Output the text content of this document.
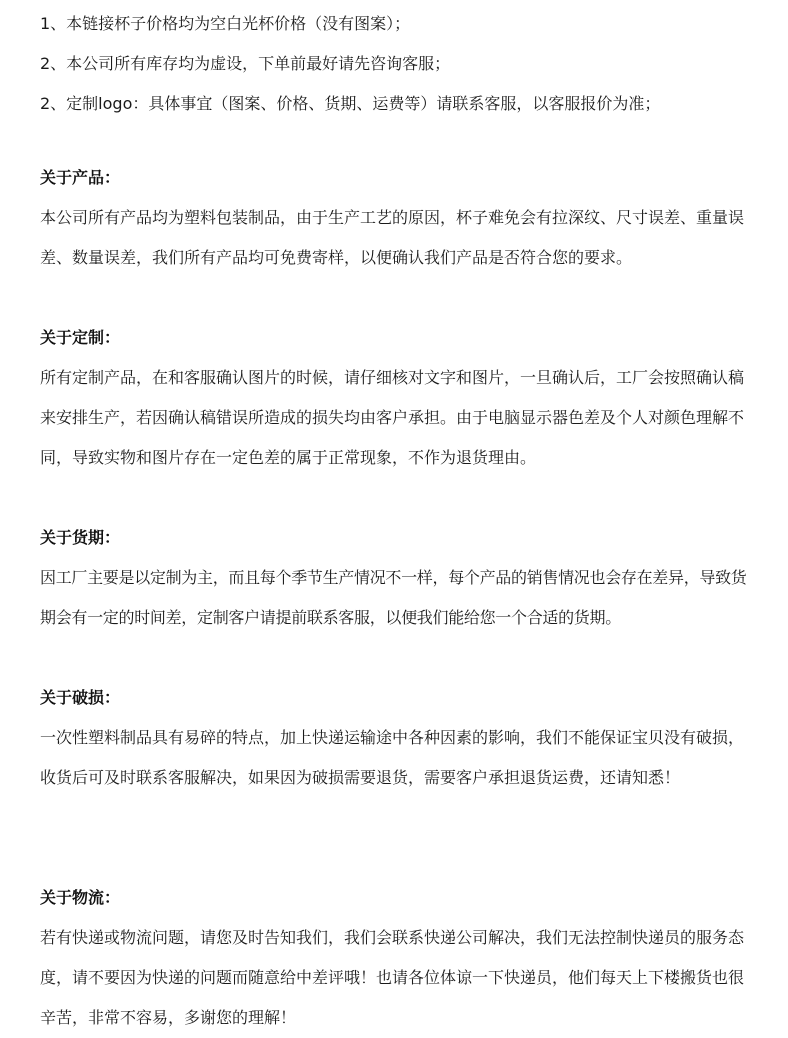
1、本链接杯子价格均为空白光杯价格（没有图案）；
2、本公司所有库存均为虚设，下单前最好请先咨询客服；
2、定制logo：具体事宜（图案、价格、货期、运费等）请联系客服，以客服报价为准；
关于产品：

本公司所有产品均为塑料包装制品，由于生产工艺的原因，杯子难免会有拉深纹、尺寸误差、重量误差、数量误差，我们所有产品均可免费寄样，以便确认我们产品是否符合您的要求。

关于定制：

所有定制产品，在和客服确认图片的时候，请仔细核对文字和图片，一旦确认后，工厂会按照确认稿来安排生产，若因确认稿错误所造成的损失均由客户承担。由于电脑显示器色差及个人对颜色理解不同，导致实物和图片存在一定色差的属于正常现象，不作为退货理由。

关于货期：

因工厂主要是以定制为主，而且每个季节生产情况不一样，每个产品的销售情况也会存在差异，导致货期会有一定的时间差，定制客户请提前联系客服，以便我们能给您一个合适的货期。

关于破损：

一次性塑料制品具有易碎的特点，加上快递运输途中各种因素的影响，我们不能保证宝贝没有破损，收货后可及时联系客服解决，如果因为破损需要退货，需要客户承担退货运费，还请知悉！

关于物流：

若有快递或物流问题，请您及时告知我们，我们会联系快递公司解决，我们无法控制快递员的服务态度，请不要因为快递的问题而随意给中差评哦！也请各位体谅一下快递员，他们每天上下楼搬货也很辛苦，非常不容易，多谢您的理解！
